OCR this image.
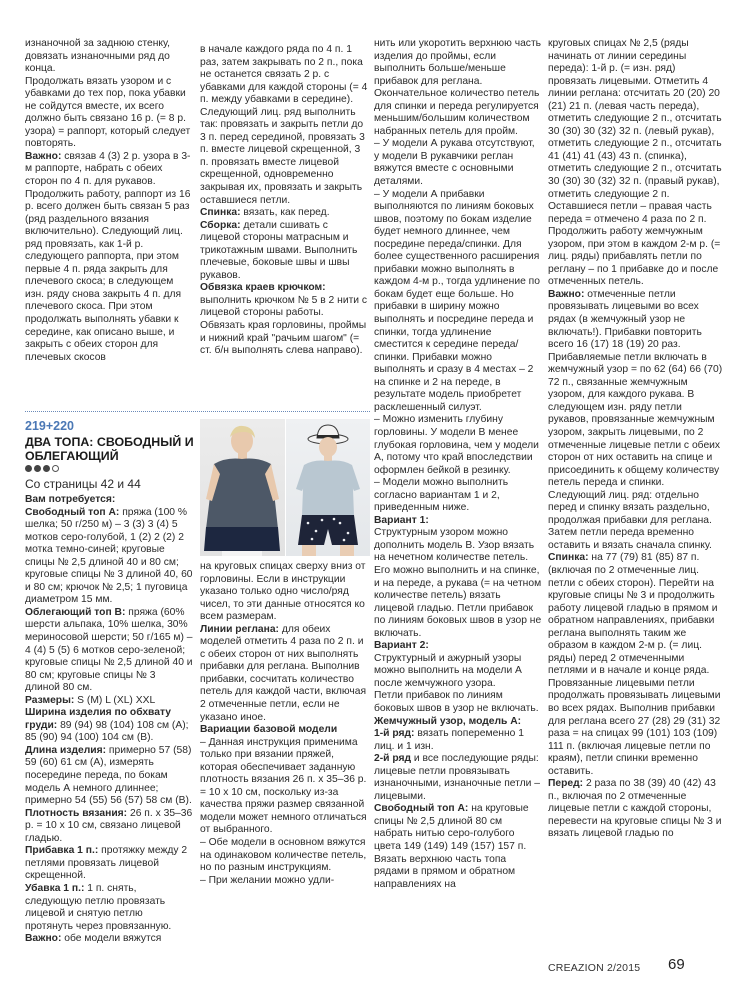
изнаночной за заднюю стенку, довязать изнаночными ряд до конца.

Продолжать вязать узором и с убавками до тех пор, пока убавки не сойдутся вместе, их всего должно быть связано 16 р. (= 8 р. узора) = раппорт, который следует повторять.

Важно: связав 4 (3) 2 р. узора в 3-м раппорте, набрать с обеих сторон по 4 п. для рукавов.

Продолжить работу, раппорт из 16 р. всего должен быть связан 5 раз (ряд раздельного вязания включительно). Следующий лиц. ряд провязать, как 1-й р. следующего раппорта, при этом первые 4 п. ряда закрыть для плечевого скоса; в следующем изн. ряду снова закрыть 4 п. для плечевого скоса. При этом продолжать выполнять убавки к середине, как описано выше, и закрыть с обеих сторон для плечевых скосов

219+220
ДВА ТОПА: СВОБОДНЫЙ И ОБЛЕГАЮЩИЙ

Со страницы 42 и 44

Вам потребуется:

Свободный топ А: пряжа (100 % шелка; 50 г/250 м) – 3 (3) 3 (4) 5 мотков серо-голубой, 1 (2) 2 (2) 2 мотка темно-синей; круговые спицы № 2,5 длиной 40 и 80 см; круговые спицы № 3 длиной 40, 60 и 80 см; крючок № 2,5; 1 пуговица диаметром 15 мм.

Облегающий топ В: пряжа (60% шерсти альпака, 10% шелка, 30% мериносовой шерсти; 50 г/165 м) – 4 (4) 5 (5) 6 мотков серо-зеленой; круговые спицы № 2,5 длиной 40 и 80 см; круговые спицы № 3 длиной 80 см.

Размеры: S (M) L (XL) XXL

Ширина изделия по обхвату груди: 89 (94) 98 (104) 108 см (А); 85 (90) 94 (100) 104 см (В).

Длина изделия: примерно 57 (58) 59 (60) 61 см (А), измерять посередине переда, по бокам модель А немного длиннее; примерно 54 (55) 56 (57) 58 см (В).

Плотность вязания: 26 п. х 35–36 р. = 10 х 10 см, связано лицевой гладью.

Прибавка 1 п.: протяжку между 2 петлями провязать лицевой скрещенной.

Убавка 1 п.: 1 п. снять, следующую петлю провязать лицевой и снятую петлю протянуть через провязанную.

Важно: обе модели вяжутся

в начале каждого ряда по 4 п. 1 раз, затем закрывать по 2 п., пока не останется связать 2 р. с убавками для каждой стороны (= 4 п. между убавками в середине). Следующий лиц. ряд выполнить так: провязать и закрыть петли до 3 п. перед серединой, провязать 3 п. вместе лицевой скрещенной, 3 п. провязать вместе лицевой скрещенной, одновременно закрывая их, провязать и закрыть оставшиеся петли.

Спинка: вязать, как перед.

Сборка: детали сшивать с лицевой стороны матрасным и трикотажным швами. Выполнить плечевые, боковые швы и швы рукавов.

Обвязка краев крючком: выполнить крючком № 5 в 2 нити с лицевой стороны работы. Обвязать края горловины, проймы и нижний край "рачьим шагом" (= ст. б/н выполнять слева направо).

на круговых спицах сверху вниз от горловины. Если в инструкции указано только одно число/ряд чисел, то эти данные относятся ко всем размерам.

Линии реглана: для обеих моделей отметить 4 раза по 2 п. и с обеих сторон от них выполнять прибавки для реглана. Выполнив прибавки, сосчитать количество петель для каждой части, включая 2 отмеченные петли, если не указано иное.

Вариации базовой модели

– Данная инструкция применима только при вязании пряжей, которая обеспечивает заданную плотность вязания 26 п. х 35–36 р. = 10 х 10 см, поскольку из-за качества пряжи размер связанной модели может немного отличаться от выбранного.

– Обе модели в основном вяжутся на одинаковом количестве петель, но по разным инструкциям.

– При желании можно удли-

нить или укоротить верхнюю часть изделия до проймы, если выполнить больше/меньше прибавок для реглана. Окончательное количество петель для спинки и переда регулируется меньшим/большим количеством набранных петель для пройм.

– У модели А рукава отсутствуют, у модели В рукавчики реглан вяжутся вместе с основными деталями.

– У модели А прибавки выполняются по линиям боковых швов, поэтому по бокам изделие будет немного длиннее, чем посредине переда/спинки. Для более существенного расширения прибавки можно выполнять в каждом 4-м р., тогда удлинение по бокам будет еще больше. Но прибавки в ширину можно выполнять и посредине переда и спинки, тогда удлинение сместится к середине переда/спинки. Прибавки можно выполнять и сразу в 4 местах – 2 на спинке и 2 на переде, в результате модель приобретет расклешенный силуэт.

– Можно изменить глубину горловины. У модели В менее глубокая горловина, чем у модели А, потому что край впоследствии оформлен бейкой в резинку.

– Модели можно выполнить согласно вариантам 1 и 2, приведенным ниже.

Вариант 1:

Структурным узором можно дополнить модель В. Узор вязать на нечетном количестве петель. Его можно выполнить и на спинке, и на переде, а рукава (= на четном количестве петель) вязать лицевой гладью. Петли прибавок по линиям боковых швов в узор не включать.

Вариант 2:

Структурный и ажурный узоры можно выполнить на модели А после жемчужного узора.

Петли прибавок по линиям боковых швов в узор не включать.

Жемчужный узор, модель А:

1-й ряд: вязать попеременно 1 лиц. и 1 изн.

2-й ряд и все последующие ряды: лицевые петли провязывать изнаночными, изнаночные петли – лицевыми.

Свободный топ А: на круговые спицы № 2,5 длиной 80 см набрать нитью серо-голубого цвета 149 (149) 149 (157) 157 п. Вязать верхнюю часть топа рядами в прямом и обратном направлениях на

круговых спицах № 2,5 (ряды начинать от линии середины переда): 1-й р. (= изн. ряд) провязать лицевыми. Отметить 4 линии реглана: отсчитать 20 (20) 20 (21) 21 п. (левая часть переда), отметить следующие 2 п., отсчитать 30 (30) 30 (32) 32 п. (левый рукав), отметить следующие 2 п., отсчитать 41 (41) 41 (43) 43 п. (спинка), отметить следующие 2 п., отсчитать 30 (30) 30 (32) 32 п. (правый рукав), отметить следующие 2 п. Оставшиеся петли – правая часть переда = отмечено 4 раза по 2 п.

Продолжить работу жемчужным узором, при этом в каждом 2-м р. (= лиц. ряды) прибавлять петли по реглану – по 1 прибавке до и после отмеченных петель.

Важно: отмеченные петли провязывать лицевыми во всех рядах (в жемчужный узор не включать!). Прибавки повторить всего 16 (17) 18 (19) 20 раз. Прибавляемые петли включать в жемчужный узор = по 62 (64) 66 (70) 72 п., связанные жемчужным узором, для каждого рукава. В следующем изн. ряду петли рукавов, провязанные жемчужным узором, закрыть лицевыми, по 2 отмеченные лицевые петли с обеих сторон от них оставить на спице и присоединить к общему количеству петель переда и спинки. Следующий лиц. ряд: отдельно перед и спинку вязать раздельно, продолжая прибавки для реглана. Затем петли переда временно оставить и вязать сначала спинку.

Спинка: на 77 (79) 81 (85) 87 п. (включая по 2 отмеченные лиц. петли с обеих сторон). Перейти на круговые спицы № 3 и продолжить работу лицевой гладью в прямом и обратном направлениях, прибавки реглана выполнять таким же образом в каждом 2-м р. (= лиц. ряды) перед 2 отмеченными петлями и в начале и конце ряда. Провязанные лицевыми петли продолжать провязывать лицевыми во всех рядах. Выполнив прибавки для реглана всего 27 (28) 29 (31) 32 раза = на спицах 99 (101) 103 (109) 111 п. (включая лицевые петли по краям), петли спинки временно оставить.

Перед: 2 раза по 38 (39) 40 (42) 43 п., включая по 2 отмеченные лицевые петли с каждой стороны, перевести на круговые спицы № 3 и вязать лицевой гладью по

CREAZION 2/2015 69
